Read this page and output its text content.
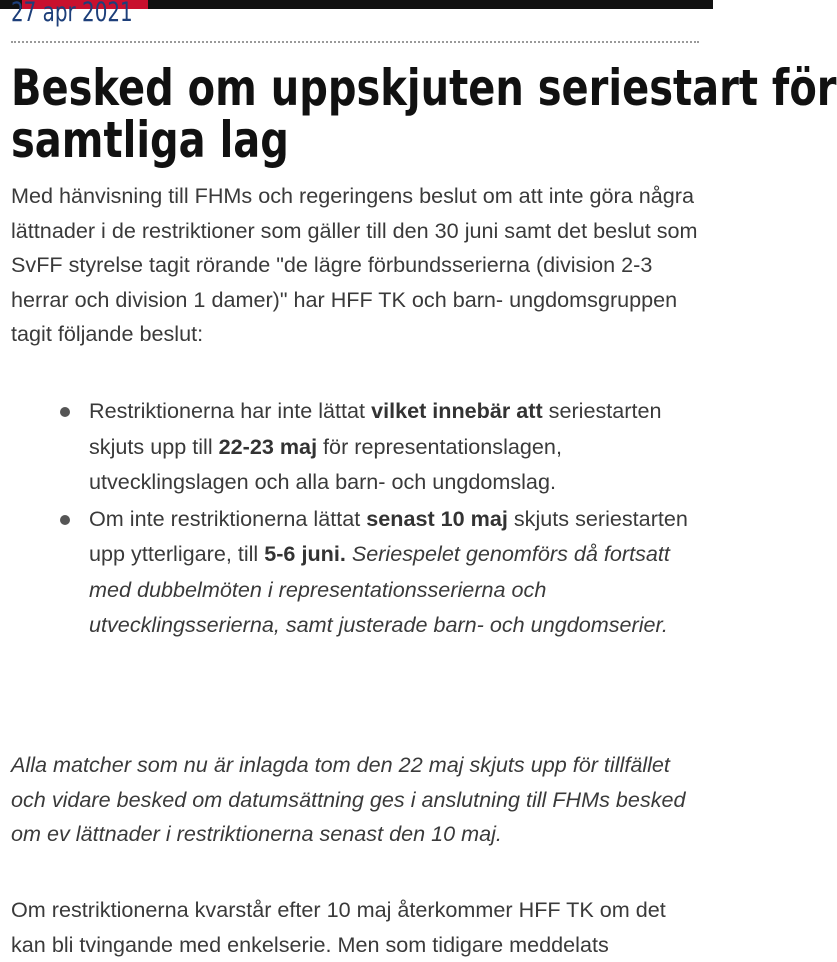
27 apr 2021
Besked om uppskjuten seriestart för
samtliga lag

Med hänvisning till FHMs och regeringens beslut om att inte göra några lättnader i de restriktioner som gäller till den 30 juni samt det beslut som SvFF styrelse tagit rörande "de lägre förbundsserierna (division 2-3 herrar och division 1 damer)" har HFF TK och barn- ungdomsgruppen tagit följande beslut:

Restriktionerna har inte lättat vilket innebär att seriestarten skjuts upp till 22-23 maj för representationslagen, utvecklingslagen och alla barn- och ungdomslag.
Om inte restriktionerna lättat senast 10 maj skjuts seriestarten upp ytterligare, till 5-6 juni. Seriespelet genomförs då fortsatt med dubbelmöten i representationsserierna och utvecklingsserierna, samt justerade barn- och ungdomserier.

Alla matcher som nu är inlagda tom den 22 maj skjuts upp för tillfället och vidare besked om datumsättning ges i anslutning till FHMs besked om ev lättnader i restriktionerna senast den 10 maj.

Om restriktionerna kvarstår efter 10 maj återkommer HFF TK om det kan bli tvingande med enkelserie. Men som tidigare meddelats
